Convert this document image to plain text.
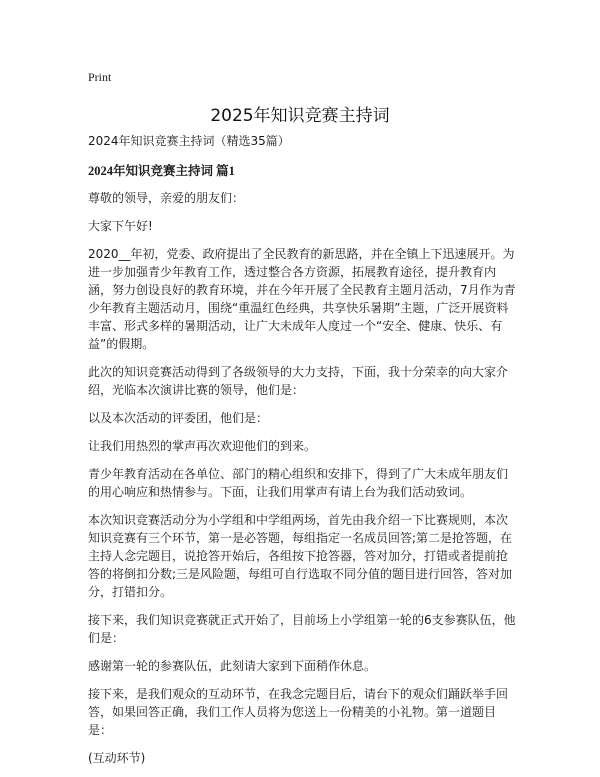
Print
2025年知识竞赛主持词

2024年知识竞赛主持词（精选35篇）

2024年知识竞赛主持词 篇1

尊敬的领导，亲爱的朋友们：

大家下午好!

2020__年初，党委、政府提出了全民教育的新思路，并在全镇上下迅速展开。为进一步加强青少年教育工作，透过整合各方资源，拓展教育途径，提升教育内涵，努力创设良好的教育环境，并在今年开展了全民教育主题月活动，7月作为青少年教育主题活动月，围绕“重温红色经典，共享快乐暑期”主题，广泛开展资料丰富、形式多样的暑期活动，让广大未成年人度过一个“安全、健康、快乐、有益”的假期。

此次的知识竞赛活动得到了各级领导的大力支持，下面，我十分荣幸的向大家介绍，光临本次演讲比赛的领导，他们是：

以及本次活动的评委团，他们是：

让我们用热烈的掌声再次欢迎他们的到来。

青少年教育活动在各单位、部门的精心组织和安排下，得到了广大未成年朋友们的用心响应和热情参与。下面，让我们用掌声有请上台为我们活动致词。

本次知识竞赛活动分为小学组和中学组两场，首先由我介绍一下比赛规则，本次知识竞赛有三个环节，第一是必答题，每组指定一名成员回答;第二是抢答题，在主持人念完题目，说抢答开始后，各组按下抢答器，答对加分，打错或者提前抢答的将倒扣分数;三是风险题，每组可自行选取不同分值的题目进行回答，答对加分，打错扣分。

接下来，我们知识竞赛就正式开始了，目前场上小学组第一轮的6支参赛队伍，他们是：

感谢第一轮的参赛队伍，此刻请大家到下面稍作休息。

接下来，是我们观众的互动环节，在我念完题目后，请台下的观众们踊跃举手回答，如果回答正确，我们工作人员将为您送上一份精美的小礼物。第一道题目是：

(互动环节)
